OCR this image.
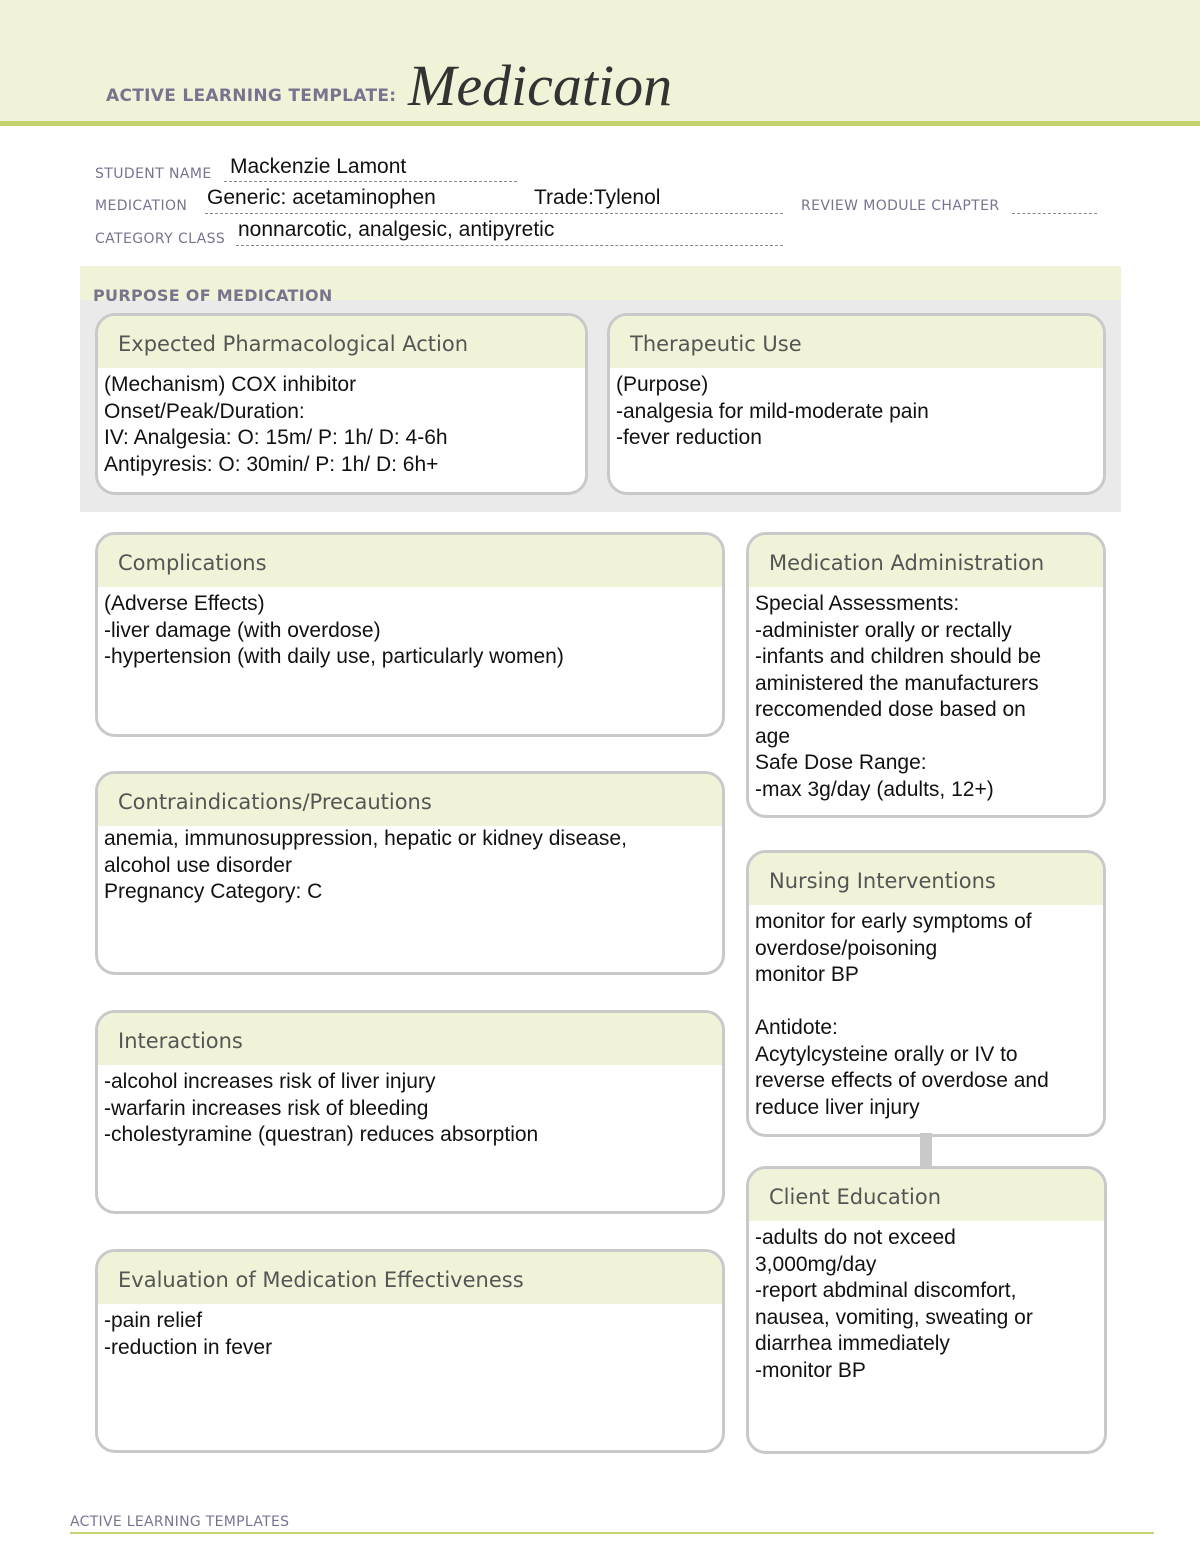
ACTIVE LEARNING TEMPLATE: Medication
STUDENT NAME Mackenzie Lamont
MEDICATION Generic: acetaminophen	Trade:Tylenol	REVIEW MODULE CHAPTER
CATEGORY CLASS nonnarcotic, analgesic, antipyretic
PURPOSE OF MEDICATION
Expected Pharmacological Action
(Mechanism) COX inhibitor
Onset/Peak/Duration:
IV: Analgesia: O: 15m/ P: 1h/ D: 4-6h
Antipyresis: O: 30min/ P: 1h/ D: 6h+
Therapeutic Use
(Purpose)
-analgesia for mild-moderate pain
-fever reduction
Complications
(Adverse Effects)
-liver damage (with overdose)
-hypertension (with daily use, particularly women)
Medication Administration
Special Assessments:
-administer orally or rectally
-infants and children should be
aministered the manufacturers
reccomended dose based on
age
Safe Dose Range:
-max 3g/day (adults, 12+)
Contraindications/Precautions
anemia, immunosuppression, hepatic or kidney disease,
alcohol use disorder
Pregnancy Category: C	Nursing Interventions
monitor for early symptoms of
overdose/poisoning
monitor BP
Antidote:
Acytylcysteine orally or IV to
reverse effects of overdose and
reduce liver injury
Interactions
-alcohol increases risk of liver injury
-warfarin increases risk of bleeding
-cholestyramine (questran) reduces absorption
Client Education
-adults do not exceed
3,000mg/day
-report abdminal discomfort,
nausea, vomiting, sweating or
diarrhea immediately
-monitor BP
Evaluation of Medication Effectiveness
-pain relief
-reduction in fever
ACTIVE LEARNING TEMPLATES
